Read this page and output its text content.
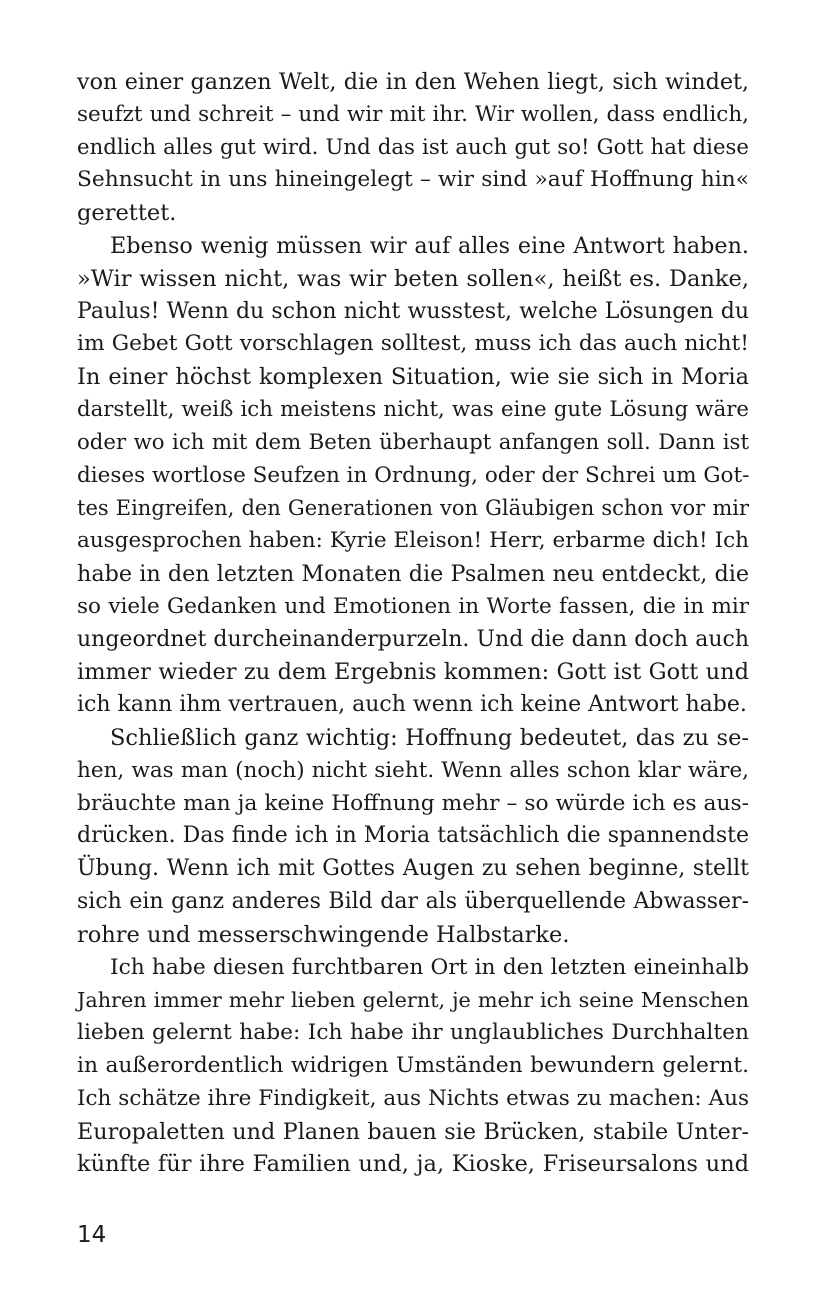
von einer ganzen Welt, die in den Wehen liegt, sich windet,
seufzt und schreit – und wir mit ihr. Wir wollen, dass endlich,
endlich alles gut wird. Und das ist auch gut so! Gott hat diese
Sehnsucht in uns hineingelegt – wir sind »auf Hoffnung hin«
gerettet.
Ebenso wenig müssen wir auf alles eine Antwort haben.
»Wir wissen nicht, was wir beten sollen«, heißt es. Danke,
Paulus! Wenn du schon nicht wusstest, welche Lösungen du
im Gebet Gott vorschlagen solltest, muss ich das auch nicht!
In einer höchst komplexen Situation, wie sie sich in Moria
darstellt, weiß ich meistens nicht, was eine gute Lösung wäre
oder wo ich mit dem Beten überhaupt anfangen soll. Dann ist
dieses wortlose Seufzen in Ordnung, oder der Schrei um Got-
tes Eingreifen, den Generationen von Gläubigen schon vor mir
ausgesprochen haben: Kyrie Eleison! Herr, erbarme dich! Ich
habe in den letzten Monaten die Psalmen neu entdeckt, die
so viele Gedanken und Emotionen in Worte fassen, die in mir
ungeordnet durcheinanderpurzeln. Und die dann doch auch
immer wieder zu dem Ergebnis kommen: Gott ist Gott und
ich kann ihm vertrauen, auch wenn ich keine Antwort habe.
Schließlich ganz wichtig: Hoffnung bedeutet, das zu se-
hen, was man (noch) nicht sieht. Wenn alles schon klar wäre,
bräuchte man ja keine Hoffnung mehr – so würde ich es aus-
drücken. Das finde ich in Moria tatsächlich die spannendste
Übung. Wenn ich mit Gottes Augen zu sehen beginne, stellt
sich ein ganz anderes Bild dar als überquellende Abwasser-
rohre und messerschwingende Halbstarke.
Ich habe diesen furchtbaren Ort in den letzten eineinhalb
Jahren immer mehr lieben gelernt, je mehr ich seine Menschen
lieben gelernt habe: Ich habe ihr unglaubliches Durchhalten
in außerordentlich widrigen Umständen bewundern gelernt.
Ich schätze ihre Findigkeit, aus Nichts etwas zu machen: Aus
Europaletten und Planen bauen sie Brücken, stabile Unter-
künfte für ihre Familien und, ja, Kioske, Friseursalons und
14
